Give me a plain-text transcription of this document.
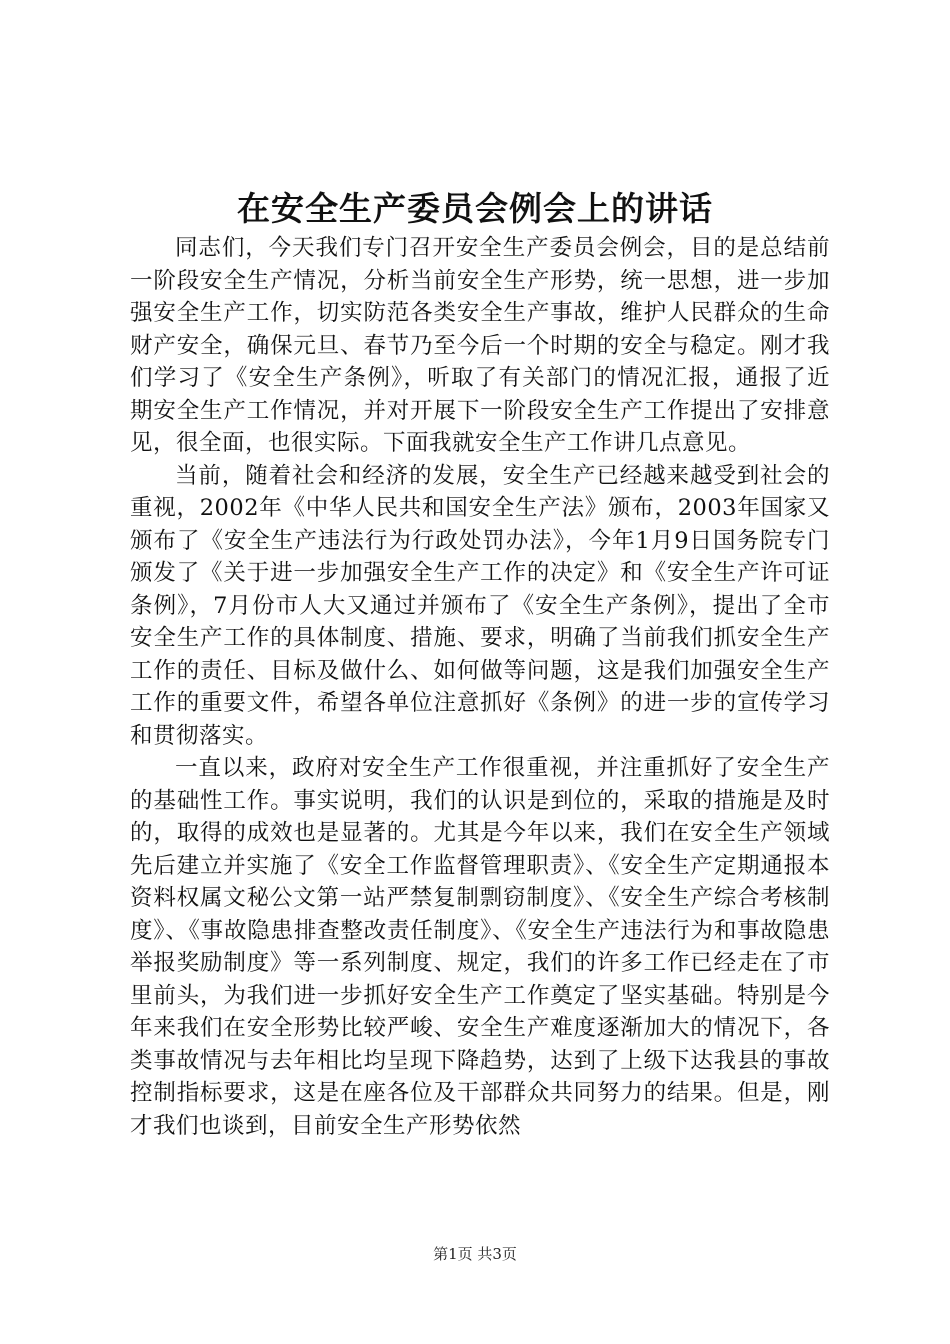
在安全生产委员会例会上的讲话

同志们，今天我们专门召开安全生产委员会例会，目的是总结前一阶段安全生产情况，分析当前安全生产形势，统一思想，进一步加强安全生产工作，切实防范各类安全生产事故，维护人民群众的生命财产安全，确保元旦、春节乃至今后一个时期的安全与稳定。刚才我们学习了《安全生产条例》，听取了有关部门的情况汇报，通报了近期安全生产工作情况，并对开展下一阶段安全生产工作提出了安排意见，很全面，也很实际。下面我就安全生产工作讲几点意见。

当前，随着社会和经济的发展，安全生产已经越来越受到社会的重视，2002年《中华人民共和国安全生产法》颁布，2003年国家又颁布了《安全生产违法行为行政处罚办法》，今年1月9日国务院专门颁发了《关于进一步加强安全生产工作的决定》和《安全生产许可证条例》，7月份市人大又通过并颁布了《安全生产条例》，提出了全市安全生产工作的具体制度、措施、要求，明确了当前我们抓安全生产工作的责任、目标及做什么、如何做等问题，这是我们加强安全生产工作的重要文件，希望各单位注意抓好《条例》的进一步的宣传学习和贯彻落实。

一直以来，政府对安全生产工作很重视，并注重抓好了安全生产的基础性工作。事实说明，我们的认识是到位的，采取的措施是及时的，取得的成效也是显著的。尤其是今年以来，我们在安全生产领域先后建立并实施了《安全工作监督管理职责》、《安全生产定期通报本资料权属文秘公文第一站严禁复制剽窃制度》、《安全生产综合考核制度》、《事故隐患排查整改责任制度》、《安全生产违法行为和事故隐患举报奖励制度》等一系列制度、规定，我们的许多工作已经走在了市里前头，为我们进一步抓好安全生产工作奠定了坚实基础。特别是今年来我们在安全形势比较严峻、安全生产难度逐渐加大的情况下，各类事故情况与去年相比均呈现下降趋势，达到了上级下达我县的事故控制指标要求，这是在座各位及干部群众共同努力的结果。但是，刚才我们也谈到，目前安全生产形势依然

第1页 共3页
